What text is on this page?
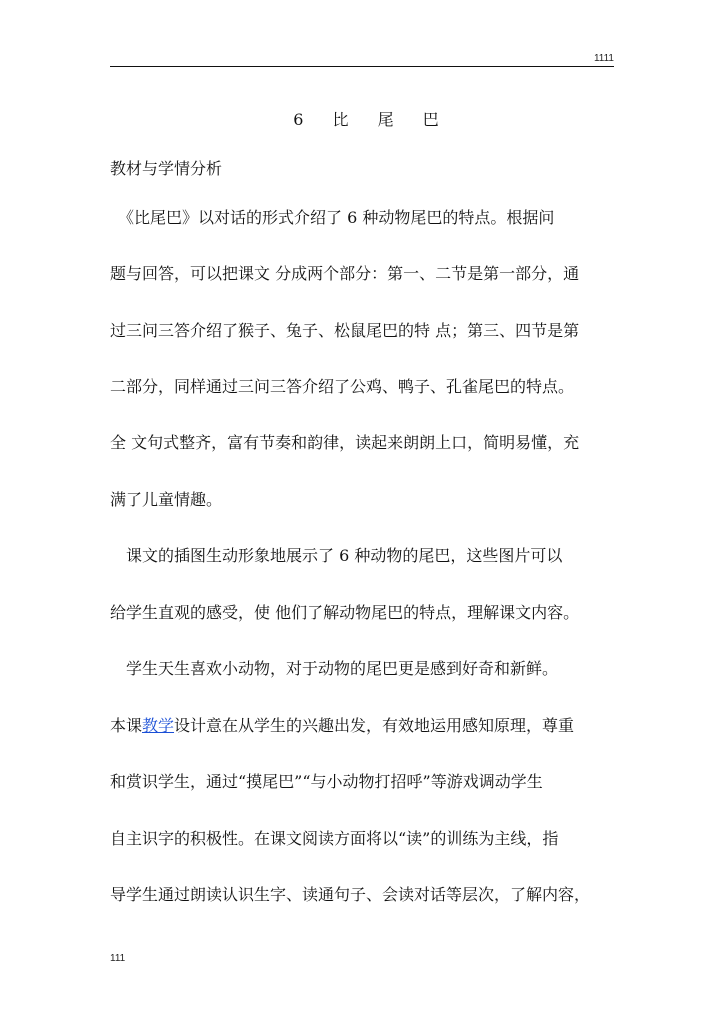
1111
6 比 尾 巴
教材与学情分析
　《比尾巴》以对话的形式介绍了 6 种动物尾巴的特点。根据问
题与回答，可以把课文 分成两个部分：第一、二节是第一部分，通
过三问三答介绍了猴子、兔子、松鼠尾巴的特 点；第三、四节是第
二部分，同样通过三问三答介绍了公鸡、鸭子、孔雀尾巴的特点。
全 文句式整齐，富有节奏和韵律，读起来朗朗上口，简明易懂，充
满了儿童情趣。
　课文的插图生动形象地展示了 6 种动物的尾巴，这些图片可以
给学生直观的感受，使 他们了解动物尾巴的特点，理解课文内容。
　学生天生喜欢小动物，对于动物的尾巴更是感到好奇和新鲜。
本课教学设计意在从学生的兴趣出发，有效地运用感知原理，尊重
和赏识学生，通过“摸尾巴”“与小动物打招呼”等游戏调动学生
自主识字的积极性。在课文阅读方面将以“读”的训练为主线，指
导学生通过朗读认识生字、读通句子、会读对话等层次，了解内容，
111
